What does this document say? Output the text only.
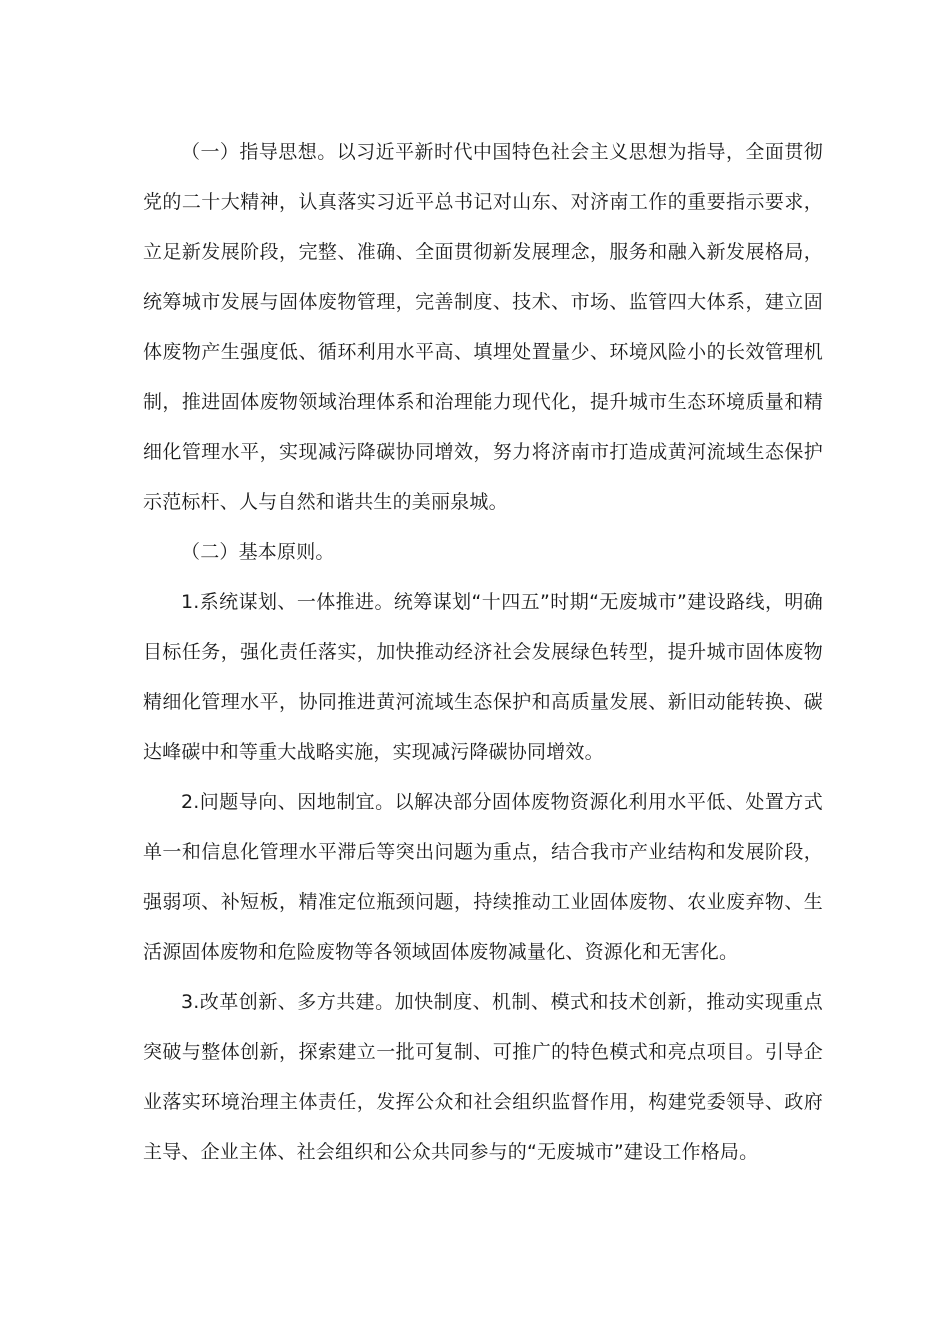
（一）指导思想。以习近平新时代中国特色社会主义思想为指导，全面贯彻党的二十大精神，认真落实习近平总书记对山东、对济南工作的重要指示要求，立足新发展阶段，完整、准确、全面贯彻新发展理念，服务和融入新发展格局，统筹城市发展与固体废物管理，完善制度、技术、市场、监管四大体系，建立固体废物产生强度低、循环利用水平高、填埋处置量少、环境风险小的长效管理机制，推进固体废物领域治理体系和治理能力现代化，提升城市生态环境质量和精细化管理水平，实现减污降碳协同增效，努力将济南市打造成黄河流域生态保护示范标杆、人与自然和谐共生的美丽泉城。

（二）基本原则。

1.系统谋划、一体推进。统筹谋划“十四五”时期“无废城市”建设路线，明确目标任务，强化责任落实，加快推动经济社会发展绿色转型，提升城市固体废物精细化管理水平，协同推进黄河流域生态保护和高质量发展、新旧动能转换、碳达峰碳中和等重大战略实施，实现减污降碳协同增效。

2.问题导向、因地制宜。以解决部分固体废物资源化利用水平低、处置方式单一和信息化管理水平滞后等突出问题为重点，结合我市产业结构和发展阶段，强弱项、补短板，精准定位瓶颈问题，持续推动工业固体废物、农业废弃物、生活源固体废物和危险废物等各领域固体废物减量化、资源化和无害化。

3.改革创新、多方共建。加快制度、机制、模式和技术创新，推动实现重点突破与整体创新，探索建立一批可复制、可推广的特色模式和亮点项目。引导企业落实环境治理主体责任，发挥公众和社会组织监督作用，构建党委领导、政府主导、企业主体、社会组织和公众共同参与的“无废城市”建设工作格局。
